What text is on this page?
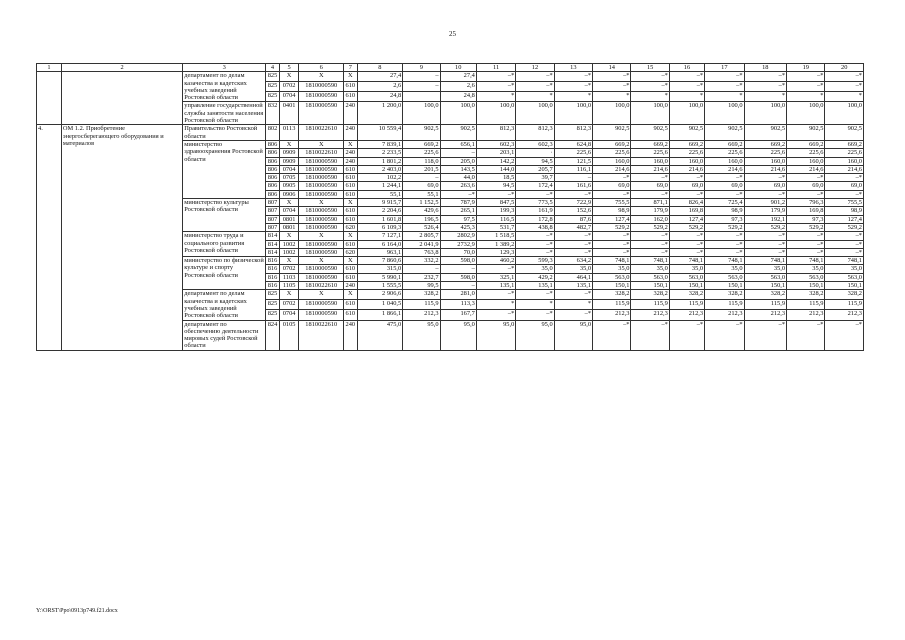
25
1	2	3	4	5	6	7	8	9	10	11	12	13	14	15	16	17	18	19	20
		департамент по делам казачества и кадетских учебных заведений Ростовской области	825	X	X	X	27,4	–	27,4	–*	–*	–*	–*	–*	–*	–*	–*	–*	–*
			825	0702	1810000590	610	2,6	–	2,6	–*	–*	–*	–*	–*	–*	–*	–*	–*	–*
			825	0704	1810000590	610	24,8		24,8	*	*	*	*	*	*	*	*	*	*
		управление государственной службы занятости населения Ростовской области	832	0401	1810000590	240	1 200,0	100,0	100,0	100,0	100,0	100,0	100,0	100,0	100,0	100,0	100,0	100,0	100,0
4.	ОМ 1.2. Приобретение энергосберегающего оборудования и материалов	Правительство Ростовской области	802	0113	1810022610	240	10 559,4	902,5	902,5	812,3	812,3	812,3	902,5	902,5	902,5	902,5	902,5	902,5	902,5
		министерство здравоохранения Ростовской области	806	X	X	X	7 839,1	669,2	656,1	602,3	602,3	624,8	669,2	669,2	669,2	669,2	669,2	669,2	669,2
			806	0909	1810022610	240	2 233,5	225,6	–	203,1	·	225,6	225,6	225,6	225,6	225,6	225,6	225,6	225,6
			806	0909	1810000590	240	1 801,2	118,0	205,0	142,2	94,5	121,5	160,0	160,0	160,0	160,0	160,0	160,0	160,0
			806	0704	1810000590	610	2 403,0	201,5	143,5	144,0	205,7	116,1	214,6	214,6	214,6	214,6	214,6	214,6	214,6
			806	0705	1810000590	610	102,2	–	44,0	18,5	39,7	–	–*	–*	–*	–*	–*	–*	–*
			806	0905	1810000590	610	1 244,1	69,0	263,6	94,5	172,4	161,6	69,0	69,0	69,0	69,0	69,0	69,0	69,0
			806	0906	1810000590	610	55,1	55,1	–*	–*	–*	–*	–*	–*	–*	–*	–*	–*	–*
		министерство культуры Ростовской области	807	X	X	X	9 915,7	1 152,5	787,9	847,5	773,5	722,9	755,5	871,1	826,4	725,4	901,2	796,3	755,5
			807	0704	1810000590	610	2 204,6	429,6	265,1	199,3	161,9	152,6	98,9	179,9	169,8	98,9	179,9	169,8	98,9
			807	0801	1810000590	610	1 601,8	196,5	97,5	116,5	172,8	87,6	127,4	162,0	127,4	97,3	192,1	97,3	127,4
			807	0801	1810000590	620	6 109,3	526,4	425,3	531,7	438,8	482,7	529,2	529,2	529,2	529,2	529,2	529,2	529,2
		министерство труда и социального развития Ростовской области	814	X	X	X	7 127,1	2 805,7	2802,9	1 518,5	–*	–*	–*	–*	–*	–*	–*	–*	–*
			814	1002	1810000590	610	6 164,0	2 041,9	2732,9	1 389,2	–*	–*	–*	–*	–*	–*	–*	–*	–*
			814	1002	1810000590	620	963,1	763,8	70,0	129,3	–*	–*	–*	–*	–*	–*	–*	–*	–*
		министерство по физической культуре и спорту Ростовской области	816	X	X	X	7 860,6	332,2	598,0	460,2	599,3	634,2	748,1	748,1	748,1	748,1	748,1	748,1	748,1
			816	0702	1810000590	610	315,0	–	–	–*	35,0	35,0	35,0	35,0	35,0	35,0	35,0	35,0	35,0
			816	1103	1810000590	610	5 990,1	232,7	598,0	325,1	429,2	464,1	563,0	563,0	563,0	563,0	563,0	563,0	563,0
			816	1105	1810022610	240	1 555,5	99,5	–	135,1	135,1	135,1	150,1	150,1	150,1	150,1	150,1	150,1	150,1
		департамент по делам казачества и кадетских учебных заведений Ростовской области	825	X	X	X	2 906,6	328,2	281,0	–*	–*	–*	328,2	328,2	328,2	328,2	328,2	328,2	328,2
			825	0702	1810000590	610	1 040,5	115,9	113,3	*	*	*	115,9	115,9	115,9	115,9	115,9	115,9	115,9
			825	0704	1810000590	610	1 866,1	212,3	167,7	–*	–*	–*	212,3	212,3	212,3	212,3	212,3	212,3	212,3
		департамент по обеспечению деятельности мировых судей Ростовской области	824	0105	1810022610	240	475,0	95,0	95,0	95,0	95,0	95,0	–*	–*	–*	–*	–*	–*	–*
Y:\ORST\Ppo\0913p749.f21.docx
